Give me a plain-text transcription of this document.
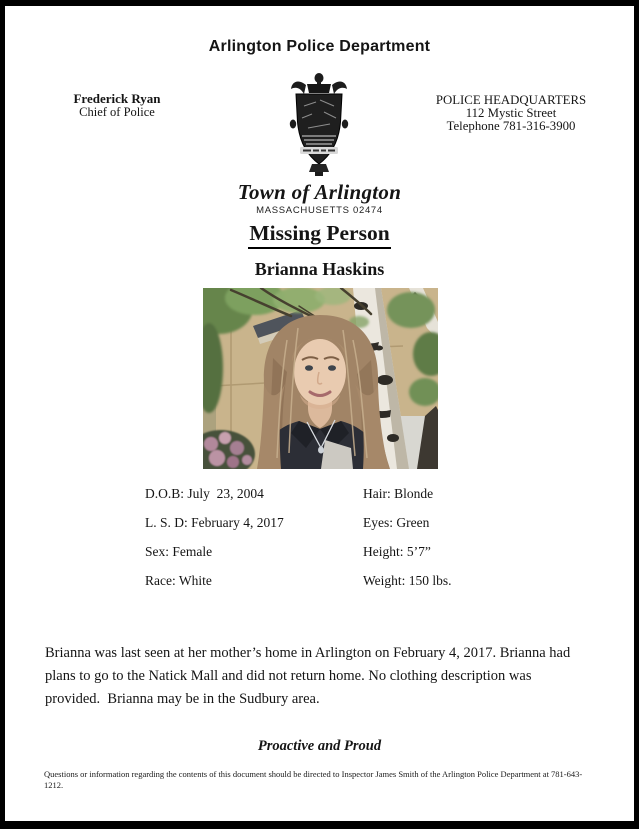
Arlington Police Department
Frederick Ryan
Chief of Police
POLICE HEADQUARTERS
112 Mystic Street
Telephone 781-316-3900
Town of Arlington
MASSACHUSETTS 02474
Missing Person
Brianna Haskins
D.O.B: July  23, 2004
L. S. D: February 4, 2017
Sex: Female
Race: White
Hair: Blonde
Eyes: Green
Height: 5’7”
Weight: 150 lbs.
Brianna was last seen at her mother’s home in Arlington on February 4, 2017. Brianna had
plans to go to the Natick Mall and did not return home. No clothing description was
provided.  Brianna may be in the Sudbury area.
Proactive and Proud
Questions or information regarding the contents of this document should be directed to Inspector James Smith of the Arlington Police Department at 781-643-
1212.
